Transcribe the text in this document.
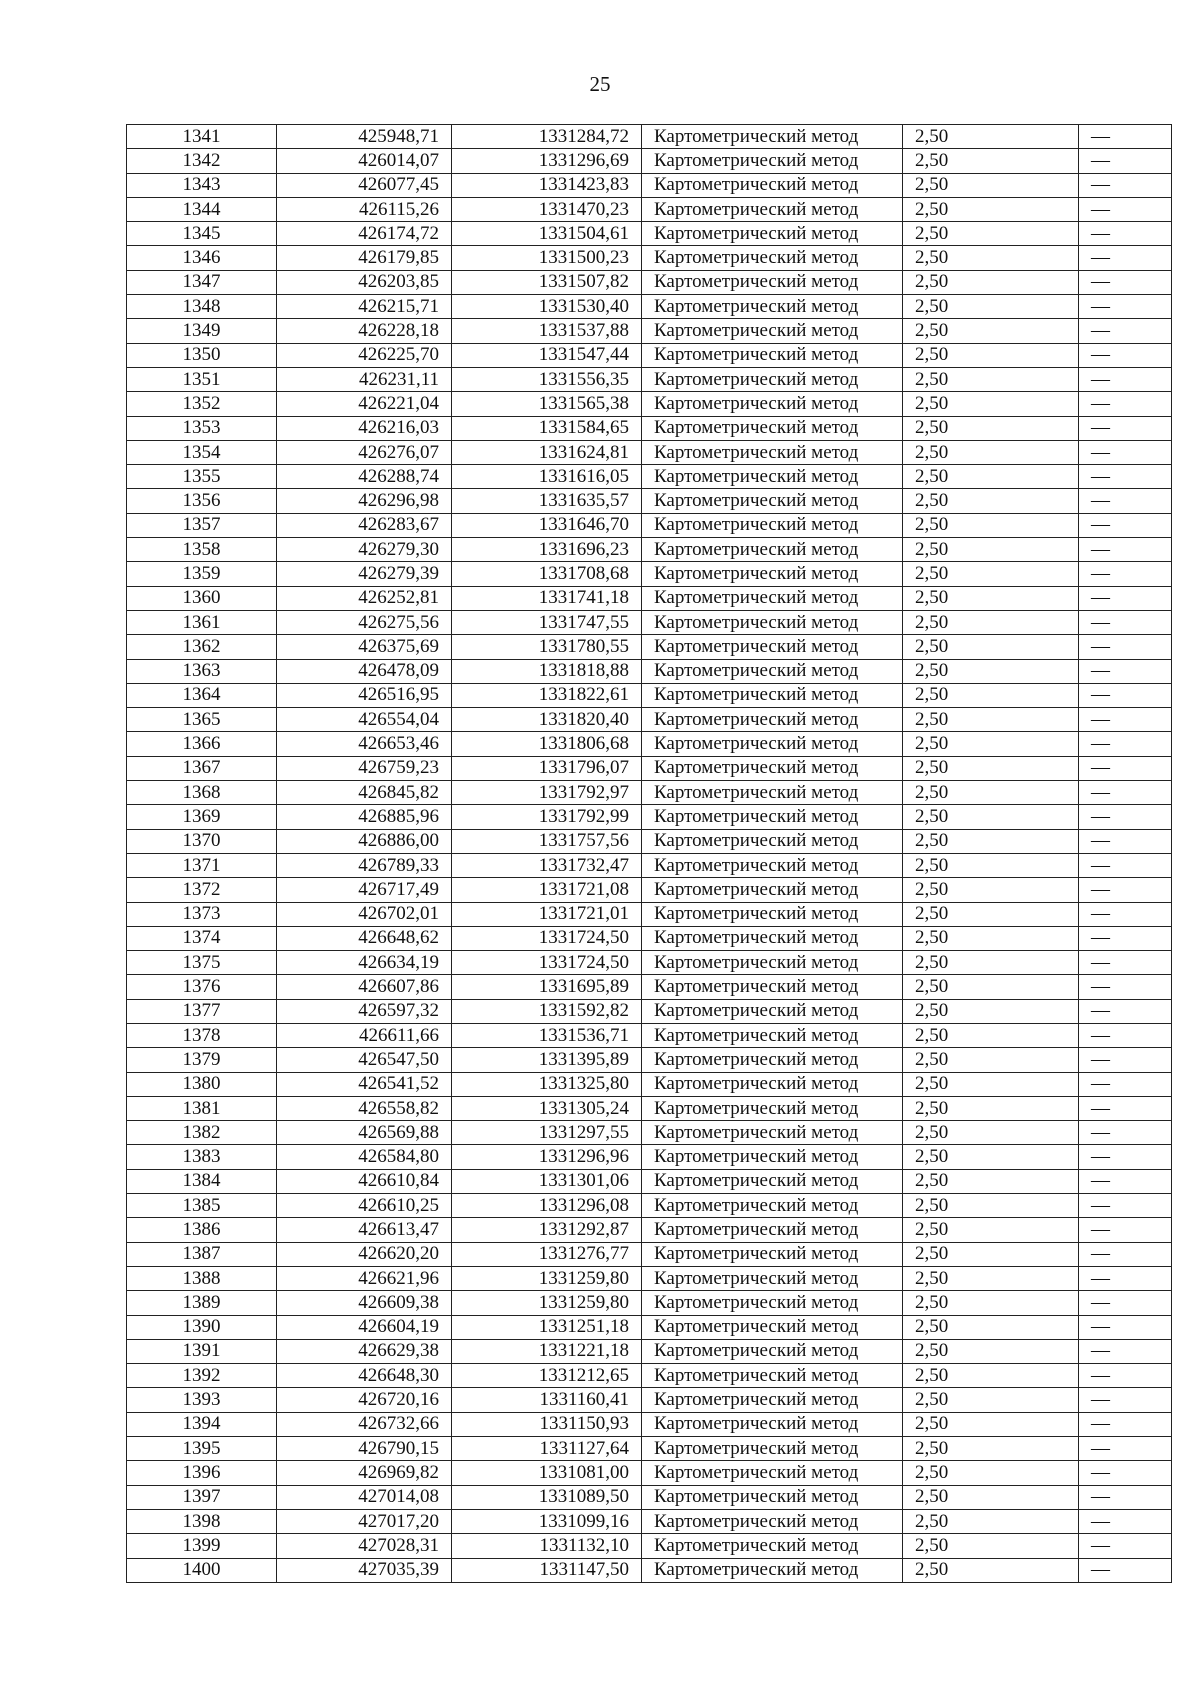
25
1341	425948,71	1331284,72	Картометрический метод	2,50	—
1342	426014,07	1331296,69	Картометрический метод	2,50	—
1343	426077,45	1331423,83	Картометрический метод	2,50	—
1344	426115,26	1331470,23	Картометрический метод	2,50	—
1345	426174,72	1331504,61	Картометрический метод	2,50	—
1346	426179,85	1331500,23	Картометрический метод	2,50	—
1347	426203,85	1331507,82	Картометрический метод	2,50	—
1348	426215,71	1331530,40	Картометрический метод	2,50	—
1349	426228,18	1331537,88	Картометрический метод	2,50	—
1350	426225,70	1331547,44	Картометрический метод	2,50	—
1351	426231,11	1331556,35	Картометрический метод	2,50	—
1352	426221,04	1331565,38	Картометрический метод	2,50	—
1353	426216,03	1331584,65	Картометрический метод	2,50	—
1354	426276,07	1331624,81	Картометрический метод	2,50	—
1355	426288,74	1331616,05	Картометрический метод	2,50	—
1356	426296,98	1331635,57	Картометрический метод	2,50	—
1357	426283,67	1331646,70	Картометрический метод	2,50	—
1358	426279,30	1331696,23	Картометрический метод	2,50	—
1359	426279,39	1331708,68	Картометрический метод	2,50	—
1360	426252,81	1331741,18	Картометрический метод	2,50	—
1361	426275,56	1331747,55	Картометрический метод	2,50	—
1362	426375,69	1331780,55	Картометрический метод	2,50	—
1363	426478,09	1331818,88	Картометрический метод	2,50	—
1364	426516,95	1331822,61	Картометрический метод	2,50	—
1365	426554,04	1331820,40	Картометрический метод	2,50	—
1366	426653,46	1331806,68	Картометрический метод	2,50	—
1367	426759,23	1331796,07	Картометрический метод	2,50	—
1368	426845,82	1331792,97	Картометрический метод	2,50	—
1369	426885,96	1331792,99	Картометрический метод	2,50	—
1370	426886,00	1331757,56	Картометрический метод	2,50	—
1371	426789,33	1331732,47	Картометрический метод	2,50	—
1372	426717,49	1331721,08	Картометрический метод	2,50	—
1373	426702,01	1331721,01	Картометрический метод	2,50	—
1374	426648,62	1331724,50	Картометрический метод	2,50	—
1375	426634,19	1331724,50	Картометрический метод	2,50	—
1376	426607,86	1331695,89	Картометрический метод	2,50	—
1377	426597,32	1331592,82	Картометрический метод	2,50	—
1378	426611,66	1331536,71	Картометрический метод	2,50	—
1379	426547,50	1331395,89	Картометрический метод	2,50	—
1380	426541,52	1331325,80	Картометрический метод	2,50	—
1381	426558,82	1331305,24	Картометрический метод	2,50	—
1382	426569,88	1331297,55	Картометрический метод	2,50	—
1383	426584,80	1331296,96	Картометрический метод	2,50	—
1384	426610,84	1331301,06	Картометрический метод	2,50	—
1385	426610,25	1331296,08	Картометрический метод	2,50	—
1386	426613,47	1331292,87	Картометрический метод	2,50	—
1387	426620,20	1331276,77	Картометрический метод	2,50	—
1388	426621,96	1331259,80	Картометрический метод	2,50	—
1389	426609,38	1331259,80	Картометрический метод	2,50	—
1390	426604,19	1331251,18	Картометрический метод	2,50	—
1391	426629,38	1331221,18	Картометрический метод	2,50	—
1392	426648,30	1331212,65	Картометрический метод	2,50	—
1393	426720,16	1331160,41	Картометрический метод	2,50	—
1394	426732,66	1331150,93	Картометрический метод	2,50	—
1395	426790,15	1331127,64	Картометрический метод	2,50	—
1396	426969,82	1331081,00	Картометрический метод	2,50	—
1397	427014,08	1331089,50	Картометрический метод	2,50	—
1398	427017,20	1331099,16	Картометрический метод	2,50	—
1399	427028,31	1331132,10	Картометрический метод	2,50	—
1400	427035,39	1331147,50	Картометрический метод	2,50	—
